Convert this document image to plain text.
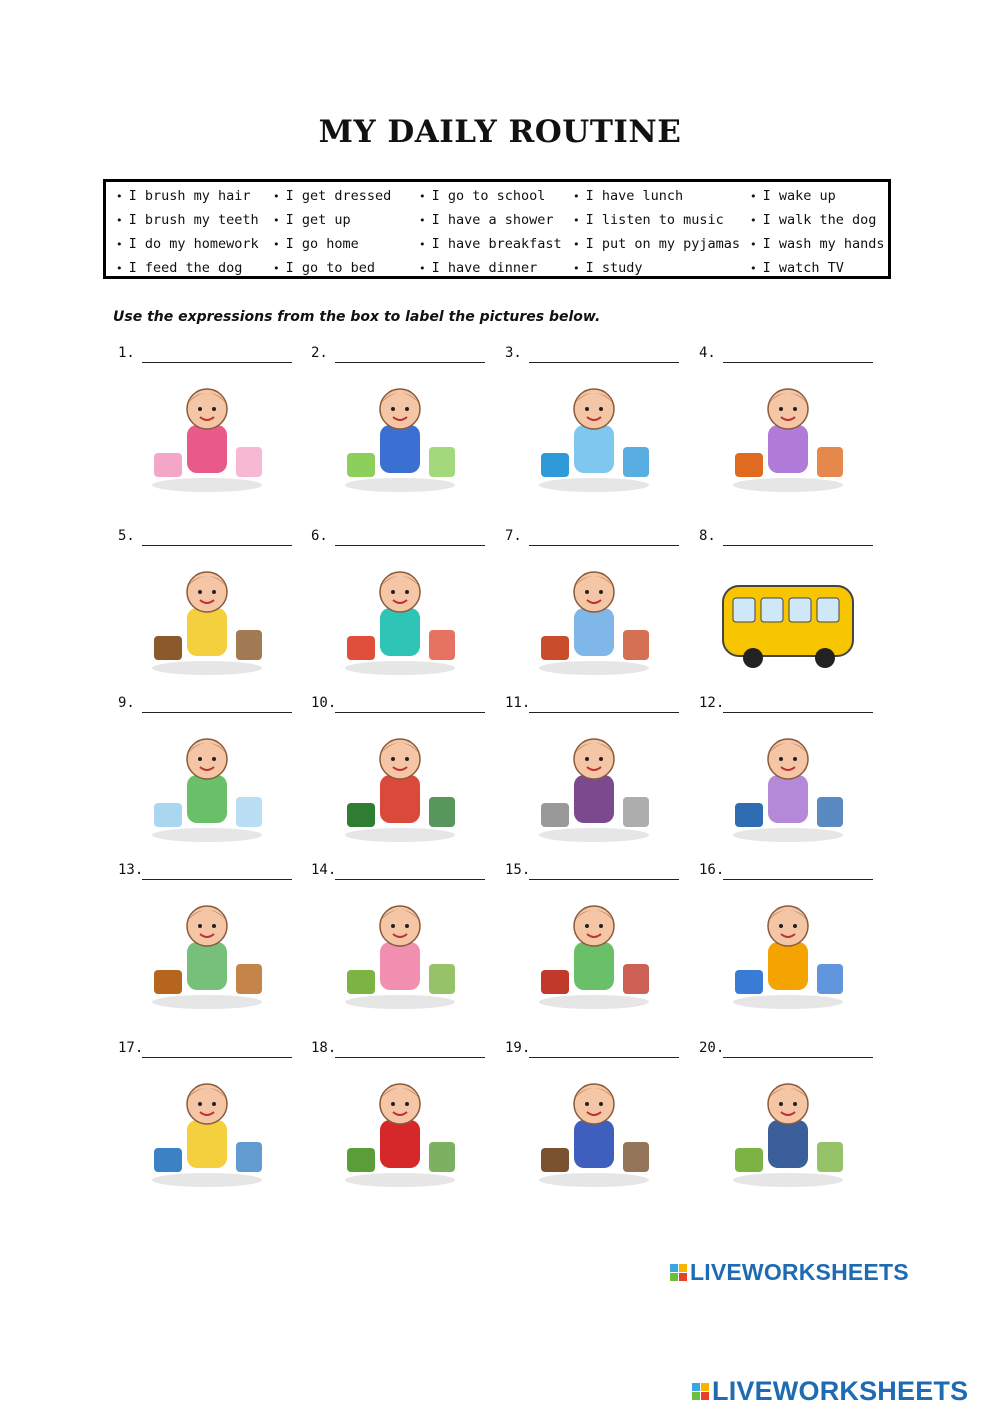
MY DAILY ROUTINE
• I brush my hair • I get dressed	• I go to school	• I have lunch	• I wake up
• I brush my teeth • I get up	• I have a shower • I listen to music • I walk the dog
• I do my homework • I go home	• I have breakfast • I put on my pyjamas • I wash my hands
• I feed the dog	• I go to bed	• I have dinner	• I study	• I watch TV
Use the expressions from the box to label the pictures below.
1.	2.	3.	4.
5.	6.	7.	8.
9.	10.	11.	12.
13.	14.	15.	16.
17.	18.	19.	20.
LIVEWORKSHEETS
LIVEWORKSHEETS
